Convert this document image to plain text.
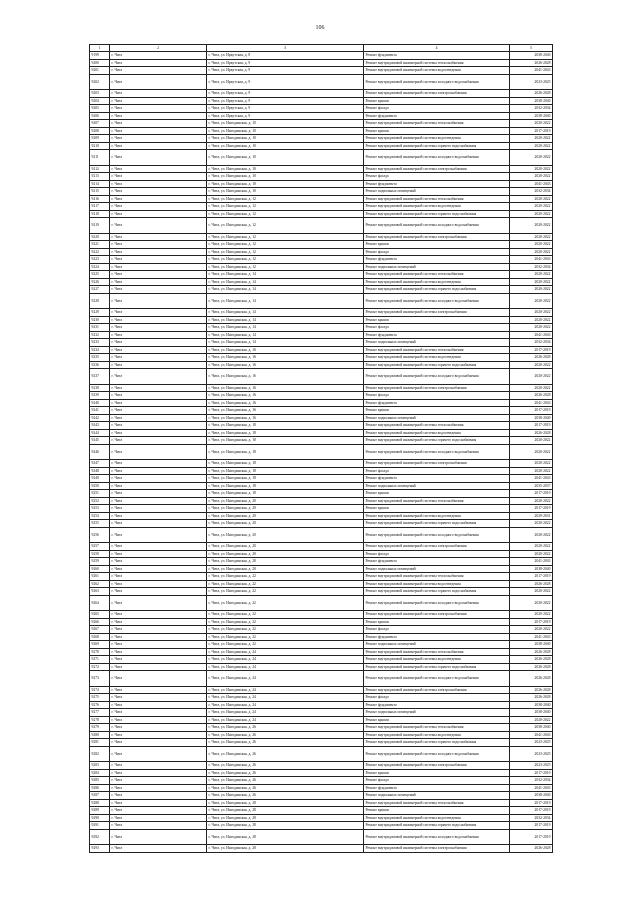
106
1	2	3	4	5
9199	г. Чита	г. Чита, ул. Иркутская, д. 8	Ремонт фундамента	2038-2040
9200	г. Чита	г. Чита, ул. Иркутская, д. 9	Ремонт внутридомовой инженерной системы теплоснабжения	2026-2028
9201	г. Чита	г. Чита, ул. Иркутская, д. 9	Ремонт внутридомовой инженерной системы водоотведения	2041-2043
9202	г. Чита	г. Чита, ул. Иркутская, д. 9	Ремонт внутридомовой инженерной системы холодного водоснабжения	2023-2025
9203	г. Чита	г. Чита, ул. Иркутская, д. 9	Ремонт внутридомовой инженерной системы электроснабжения	2026-2028
9204	г. Чита	г. Чита, ул. Иркутская, д. 9	Ремонт крыши	2038-2040
9205	г. Чита	г. Чита, ул. Иркутская, д. 9	Ремонт фасада	2032-2034
9206	г. Чита	г. Чита, ул. Иркутская, д. 9	Ремонт фундамента	2038-2040
9207	г. Чита	г. Чита, ул. Ингодинская, д. 10	Ремонт внутридомовой инженерной системы теплоснабжения	2020-2022
9208	г. Чита	г. Чита, ул. Ингодинская, д. 10	Ремонт крыши	2017-2019
9209	г. Чита	г. Чита, ул. Ингодинская, д. 10	Ремонт внутридомовой инженерной системы водоотведения	2020-2022
9210	г. Чита	г. Чита, ул. Ингодинская, д. 10	Ремонт внутридомовой инженерной системы горячего водоснабжения	2020-2022
9211	г. Чита	г. Чита, ул. Ингодинская, д. 10	Ремонт внутридомовой инженерной системы холодного водоснабжения	2020-2022
9212	г. Чита	г. Чита, ул. Ингодинская, д. 10	Ремонт внутридомовой инженерной системы электроснабжения	2020-2022
9213	г. Чита	г. Чита, ул. Ингодинская, д. 10	Ремонт фасада	2020-2022
9214	г. Чита	г. Чита, ул. Ингодинская, д. 10	Ремонт фундамента	2041-2043
9215	г. Чита	г. Чита, ул. Ингодинская, д. 10	Ремонт подвальных помещений	2032-2034
9216	г. Чита	г. Чита, ул. Ингодинская, д. 12	Ремонт внутридомовой инженерной системы теплоснабжения	2020-2022
9217	г. Чита	г. Чита, ул. Ингодинская, д. 12	Ремонт внутридомовой инженерной системы водоотведения	2020-2022
9218	г. Чита	г. Чита, ул. Ингодинская, д. 12	Ремонт внутридомовой инженерной системы горячего водоснабжения	2020-2022
9219	г. Чита	г. Чита, ул. Ингодинская, д. 12	Ремонт внутридомовой инженерной системы холодного водоснабжения	2020-2022
9220	г. Чита	г. Чита, ул. Ингодинская, д. 12	Ремонт внутридомовой инженерной системы электроснабжения	2020-2022
9221	г. Чита	г. Чита, ул. Ингодинская, д. 12	Ремонт крыши	2020-2022
9222	г. Чита	г. Чита, ул. Ингодинская, д. 12	Ремонт фасада	2020-2022
9223	г. Чита	г. Чита, ул. Ингодинская, д. 12	Ремонт фундамента	2041-2043
9224	г. Чита	г. Чита, ул. Ингодинская, д. 12	Ремонт подвальных помещений	2032-2034
9225	г. Чита	г. Чита, ул. Ингодинская, д. 14	Ремонт внутридомовой инженерной системы теплоснабжения	2020-2022
9226	г. Чита	г. Чита, ул. Ингодинская, д. 14	Ремонт внутридомовой инженерной системы водоотведения	2020-2022
9227	г. Чита	г. Чита, ул. Ингодинская, д. 14	Ремонт внутридомовой инженерной системы горячего водоснабжения	2020-2022
9228	г. Чита	г. Чита, ул. Ингодинская, д. 14	Ремонт внутридомовой инженерной системы холодного водоснабжения	2020-2022
9229	г. Чита	г. Чита, ул. Ингодинская, д. 14	Ремонт внутридомовой инженерной системы электроснабжения	2020-2022
9230	г. Чита	г. Чита, ул. Ингодинская, д. 14	Ремонт крыши	2020-2022
9231	г. Чита	г. Чита, ул. Ингодинская, д. 14	Ремонт фасада	2020-2022
9232	г. Чита	г. Чита, ул. Ингодинская, д. 14	Ремонт фундамента	2041-2043
9233	г. Чита	г. Чита, ул. Ингодинская, д. 14	Ремонт подвальных помещений	2032-2034
9234	г. Чита	г. Чита, ул. Ингодинская, д. 16	Ремонт внутридомовой инженерной системы теплоснабжения	2017-2019
9235	г. Чита	г. Чита, ул. Ингодинская, д. 16	Ремонт внутридомовой инженерной системы водоотведения	2026-2028
9236	г. Чита	г. Чита, ул. Ингодинская, д. 16	Ремонт внутридомовой инженерной системы горячего водоснабжения	2020-2022
9237	г. Чита	г. Чита, ул. Ингодинская, д. 16	Ремонт внутридомовой инженерной системы холодного водоснабжения	2020-2022
9238	г. Чита	г. Чита, ул. Ингодинская, д. 16	Ремонт внутридомовой инженерной системы электроснабжения	2020-2022
9239	г. Чита	г. Чита, ул. Ингодинская, д. 16	Ремонт фасада	2026-2028
9240	г. Чита	г. Чита, ул. Ингодинская, д. 16	Ремонт фундамента	2041-2043
9241	г. Чита	г. Чита, ул. Ингодинская, д. 16	Ремонт крыши	2017-2019
9242	г. Чита	г. Чита, ул. Ингодинская, д. 16	Ремонт подвальных помещений	2038-2040
9243	г. Чита	г. Чита, ул. Ингодинская, д. 18	Ремонт внутридомовой инженерной системы теплоснабжения	2017-2019
9244	г. Чита	г. Чита, ул. Ингодинская, д. 18	Ремонт внутридомовой инженерной системы водоотведения	2026-2028
9245	г. Чита	г. Чита, ул. Ингодинская, д. 18	Ремонт внутридомовой инженерной системы горячего водоснабжения	2020-2022
9246	г. Чита	г. Чита, ул. Ингодинская, д. 18	Ремонт внутридомовой инженерной системы холодного водоснабжения	2020-2022
9247	г. Чита	г. Чита, ул. Ингодинская, д. 18	Ремонт внутридомовой инженерной системы электроснабжения	2020-2022
9248	г. Чита	г. Чита, ул. Ингодинская, д. 18	Ремонт фасада	2020-2022
9249	г. Чита	г. Чита, ул. Ингодинская, д. 18	Ремонт фундамента	2041-2043
9250	г. Чита	г. Чита, ул. Ингодинская, д. 18	Ремонт подвальных помещений	2035-2037
9251	г. Чита	г. Чита, ул. Ингодинская, д. 18	Ремонт крыши	2017-2019
9252	г. Чита	г. Чита, ул. Ингодинская, д. 20	Ремонт внутридомовой инженерной системы теплоснабжения	2020-2022
9253	г. Чита	г. Чита, ул. Ингодинская, д. 20	Ремонт крыши	2017-2019
9254	г. Чита	г. Чита, ул. Ингодинская, д. 20	Ремонт внутридомовой инженерной системы водоотведения	2029-2031
9255	г. Чита	г. Чита, ул. Ингодинская, д. 20	Ремонт внутридомовой инженерной системы горячего водоснабжения	2020-2022
9256	г. Чита	г. Чита, ул. Ингодинская, д. 20	Ремонт внутридомовой инженерной системы холодного водоснабжения	2020-2022
9257	г. Чита	г. Чита, ул. Ингодинская, д. 20	Ремонт внутридомовой инженерной системы электроснабжения	2020-2022
9258	г. Чита	г. Чита, ул. Ингодинская, д. 20	Ремонт фасада	2020-2022
9259	г. Чита	г. Чита, ул. Ингодинская, д. 20	Ремонт фундамента	2041-2043
9260	г. Чита	г. Чита, ул. Ингодинская, д. 20	Ремонт подвальных помещений	2038-2040
9261	г. Чита	г. Чита, ул. Ингодинская, д. 22	Ремонт внутридомовой инженерной системы теплоснабжения	2017-2019
9262	г. Чита	г. Чита, ул. Ингодинская, д. 22	Ремонт внутридомовой инженерной системы водоотведения	2026-2028
9263	г. Чита	г. Чита, ул. Ингодинская, д. 22	Ремонт внутридомовой инженерной системы горячего водоснабжения	2020-2022
9264	г. Чита	г. Чита, ул. Ингодинская, д. 22	Ремонт внутридомовой инженерной системы холодного водоснабжения	2020-2022
9265	г. Чита	г. Чита, ул. Ингодинская, д. 22	Ремонт внутридомовой инженерной системы электроснабжения	2020-2022
9266	г. Чита	г. Чита, ул. Ингодинская, д. 22	Ремонт крыши	2017-2019
9267	г. Чита	г. Чита, ул. Ингодинская, д. 22	Ремонт фасада	2020-2022
9268	г. Чита	г. Чита, ул. Ингодинская, д. 22	Ремонт фундамента	2041-2043
9269	г. Чита	г. Чита, ул. Ингодинская, д. 22	Ремонт подвальных помещений	2038-2040
9270	г. Чита	г. Чита, ул. Ингодинская, д. 24	Ремонт внутридомовой инженерной системы теплоснабжения	2026-2028
9271	г. Чита	г. Чита, ул. Ингодинская, д. 24	Ремонт внутридомовой инженерной системы водоотведения	2026-2028
9272	г. Чита	г. Чита, ул. Ингодинская, д. 24	Ремонт внутридомовой инженерной системы горячего водоснабжения	2026-2028
9273	г. Чита	г. Чита, ул. Ингодинская, д. 24	Ремонт внутридомовой инженерной системы холодного водоснабжения	2026-2028
9274	г. Чита	г. Чита, ул. Ингодинская, д. 24	Ремонт внутридомовой инженерной системы электроснабжения	2026-2028
9275	г. Чита	г. Чита, ул. Ингодинская, д. 24	Ремонт фасада	2026-2028
9276	г. Чита	г. Чита, ул. Ингодинская, д. 24	Ремонт фундамента	2038-2040
9277	г. Чита	г. Чита, ул. Ингодинская, д. 24	Ремонт подвальных помещений	2038-2040
9278	г. Чита	г. Чита, ул. Ингодинская, д. 24	Ремонт крыши	2020-2022
9279	г. Чита	г. Чита, ул. Ингодинская, д. 26	Ремонт внутридомовой инженерной системы теплоснабжения	2038-2040
9280	г. Чита	г. Чита, ул. Ингодинская, д. 26	Ремонт внутридомовой инженерной системы водоотведения	2041-2043
9281	г. Чита	г. Чита, ул. Ингодинская, д. 26	Ремонт внутридомовой инженерной системы горячего водоснабжения	2023-2025
9282	г. Чита	г. Чита, ул. Ингодинская, д. 26	Ремонт внутридомовой инженерной системы холодного водоснабжения	2023-2025
9283	г. Чита	г. Чита, ул. Ингодинская, д. 26	Ремонт внутридомовой инженерной системы электроснабжения	2023-2025
9284	г. Чита	г. Чита, ул. Ингодинская, д. 26	Ремонт крыши	2017-2019
9285	г. Чита	г. Чита, ул. Ингодинская, д. 26	Ремонт фасада	2032-2034
9286	г. Чита	г. Чита, ул. Ингодинская, д. 26	Ремонт фундамента	2041-2043
9287	г. Чита	г. Чита, ул. Ингодинская, д. 26	Ремонт подвальных помещений	2038-2040
9288	г. Чита	г. Чита, ул. Ингодинская, д. 28	Ремонт внутридомовой инженерной системы теплоснабжения	2017-2019
9289	г. Чита	г. Чита, ул. Ингодинская, д. 28	Ремонт крыши	2017-2019
9290	г. Чита	г. Чита, ул. Ингодинская, д. 28	Ремонт внутридомовой инженерной системы водоотведения	2032-2034
9291	г. Чита	г. Чита, ул. Ингодинская, д. 28	Ремонт внутридомовой инженерной системы горячего водоснабжения	2017-2019
9292	г. Чита	г. Чита, ул. Ингодинская, д. 28	Ремонт внутридомовой инженерной системы холодного водоснабжения	2017-2019
9293	г. Чита	г. Чита, ул. Ингодинская, д. 28	Ремонт внутридомовой инженерной системы электроснабжения	2026-2028
